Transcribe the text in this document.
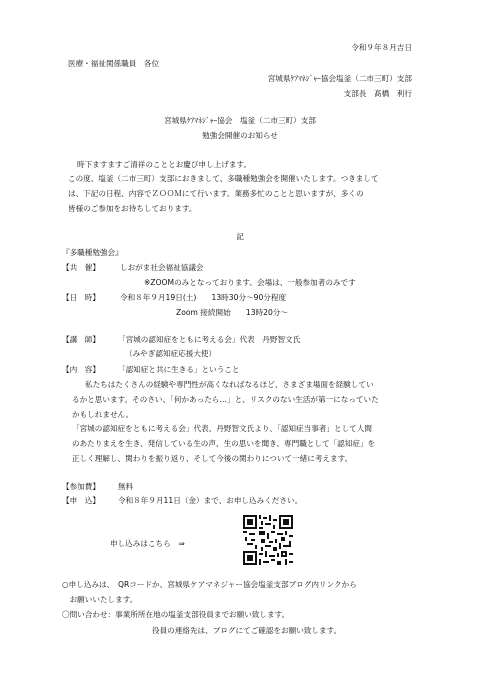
令和９年８月吉日
医療・福祉関係職員　各位
宮城県ｹｱﾏﾈｼﾞｬｰ協会塩釜（二市三町）支部
支部長　髙橋　利行
宮城県ｹｱﾏﾈｼﾞｬｰ協会　塩釜（二市三町）支部
勉強会開催のお知らせ
時下ますますご清祥のこととお慶び申し上げます。
この度、塩釜（二市三町）支部におきまして、多職種勉強会を開催いたします。つきまして
は、下記の日程、内容でＺＯＯＭにて行います。業務多忙のことと思いますが、多くの
皆様のご参加をお待ちしております。
記
『多職種勉強会』
【共　催】	しおがま社会福祉協議会
※ZOOMのみとなっております。会場は、一般参加者のみです
【日　時】	令和８年９月19日(土)　　13時30分～90分程度
Zoom 接続開始　　13時20分～
【講　師】 「宮城の認知症をともに考える会」代表　丹野智文氏
（みやぎ認知症応援大使）
【内　容】 「認知症と共に生きる」ということ
私たちはたくさんの経験や専門性が高くなればなるほど、さまざま場面を経験してい
るかと思います。そのさい、「何かあったら…」と、リスクのない生活が第一になっていた
かもしれません。
「宮城の認知症をともに考える会」代表、丹野智文氏より、「認知症当事者」として人間
のあたりまえを生き、発信している生の声、生の思いを聞き、専門職として「認知症」を
正しく理解し、関わりを振り返り、そして今後の関わりについて一緒に考えます。
【参加費】 無料
【申　込】 令和８年９月11日（金）まで、お申し込みください。
申し込みはこちら　⇒
○申し込みは、　QRコードか、宮城県ケアマネジャー協会塩釜支部ブログ内リンクから
　お願いいたします。
〇問い合わせ：事業所所在地の塩釜支部役員までお願い致します。
役員の連絡先は、ブログにてご確認をお願い致します。
